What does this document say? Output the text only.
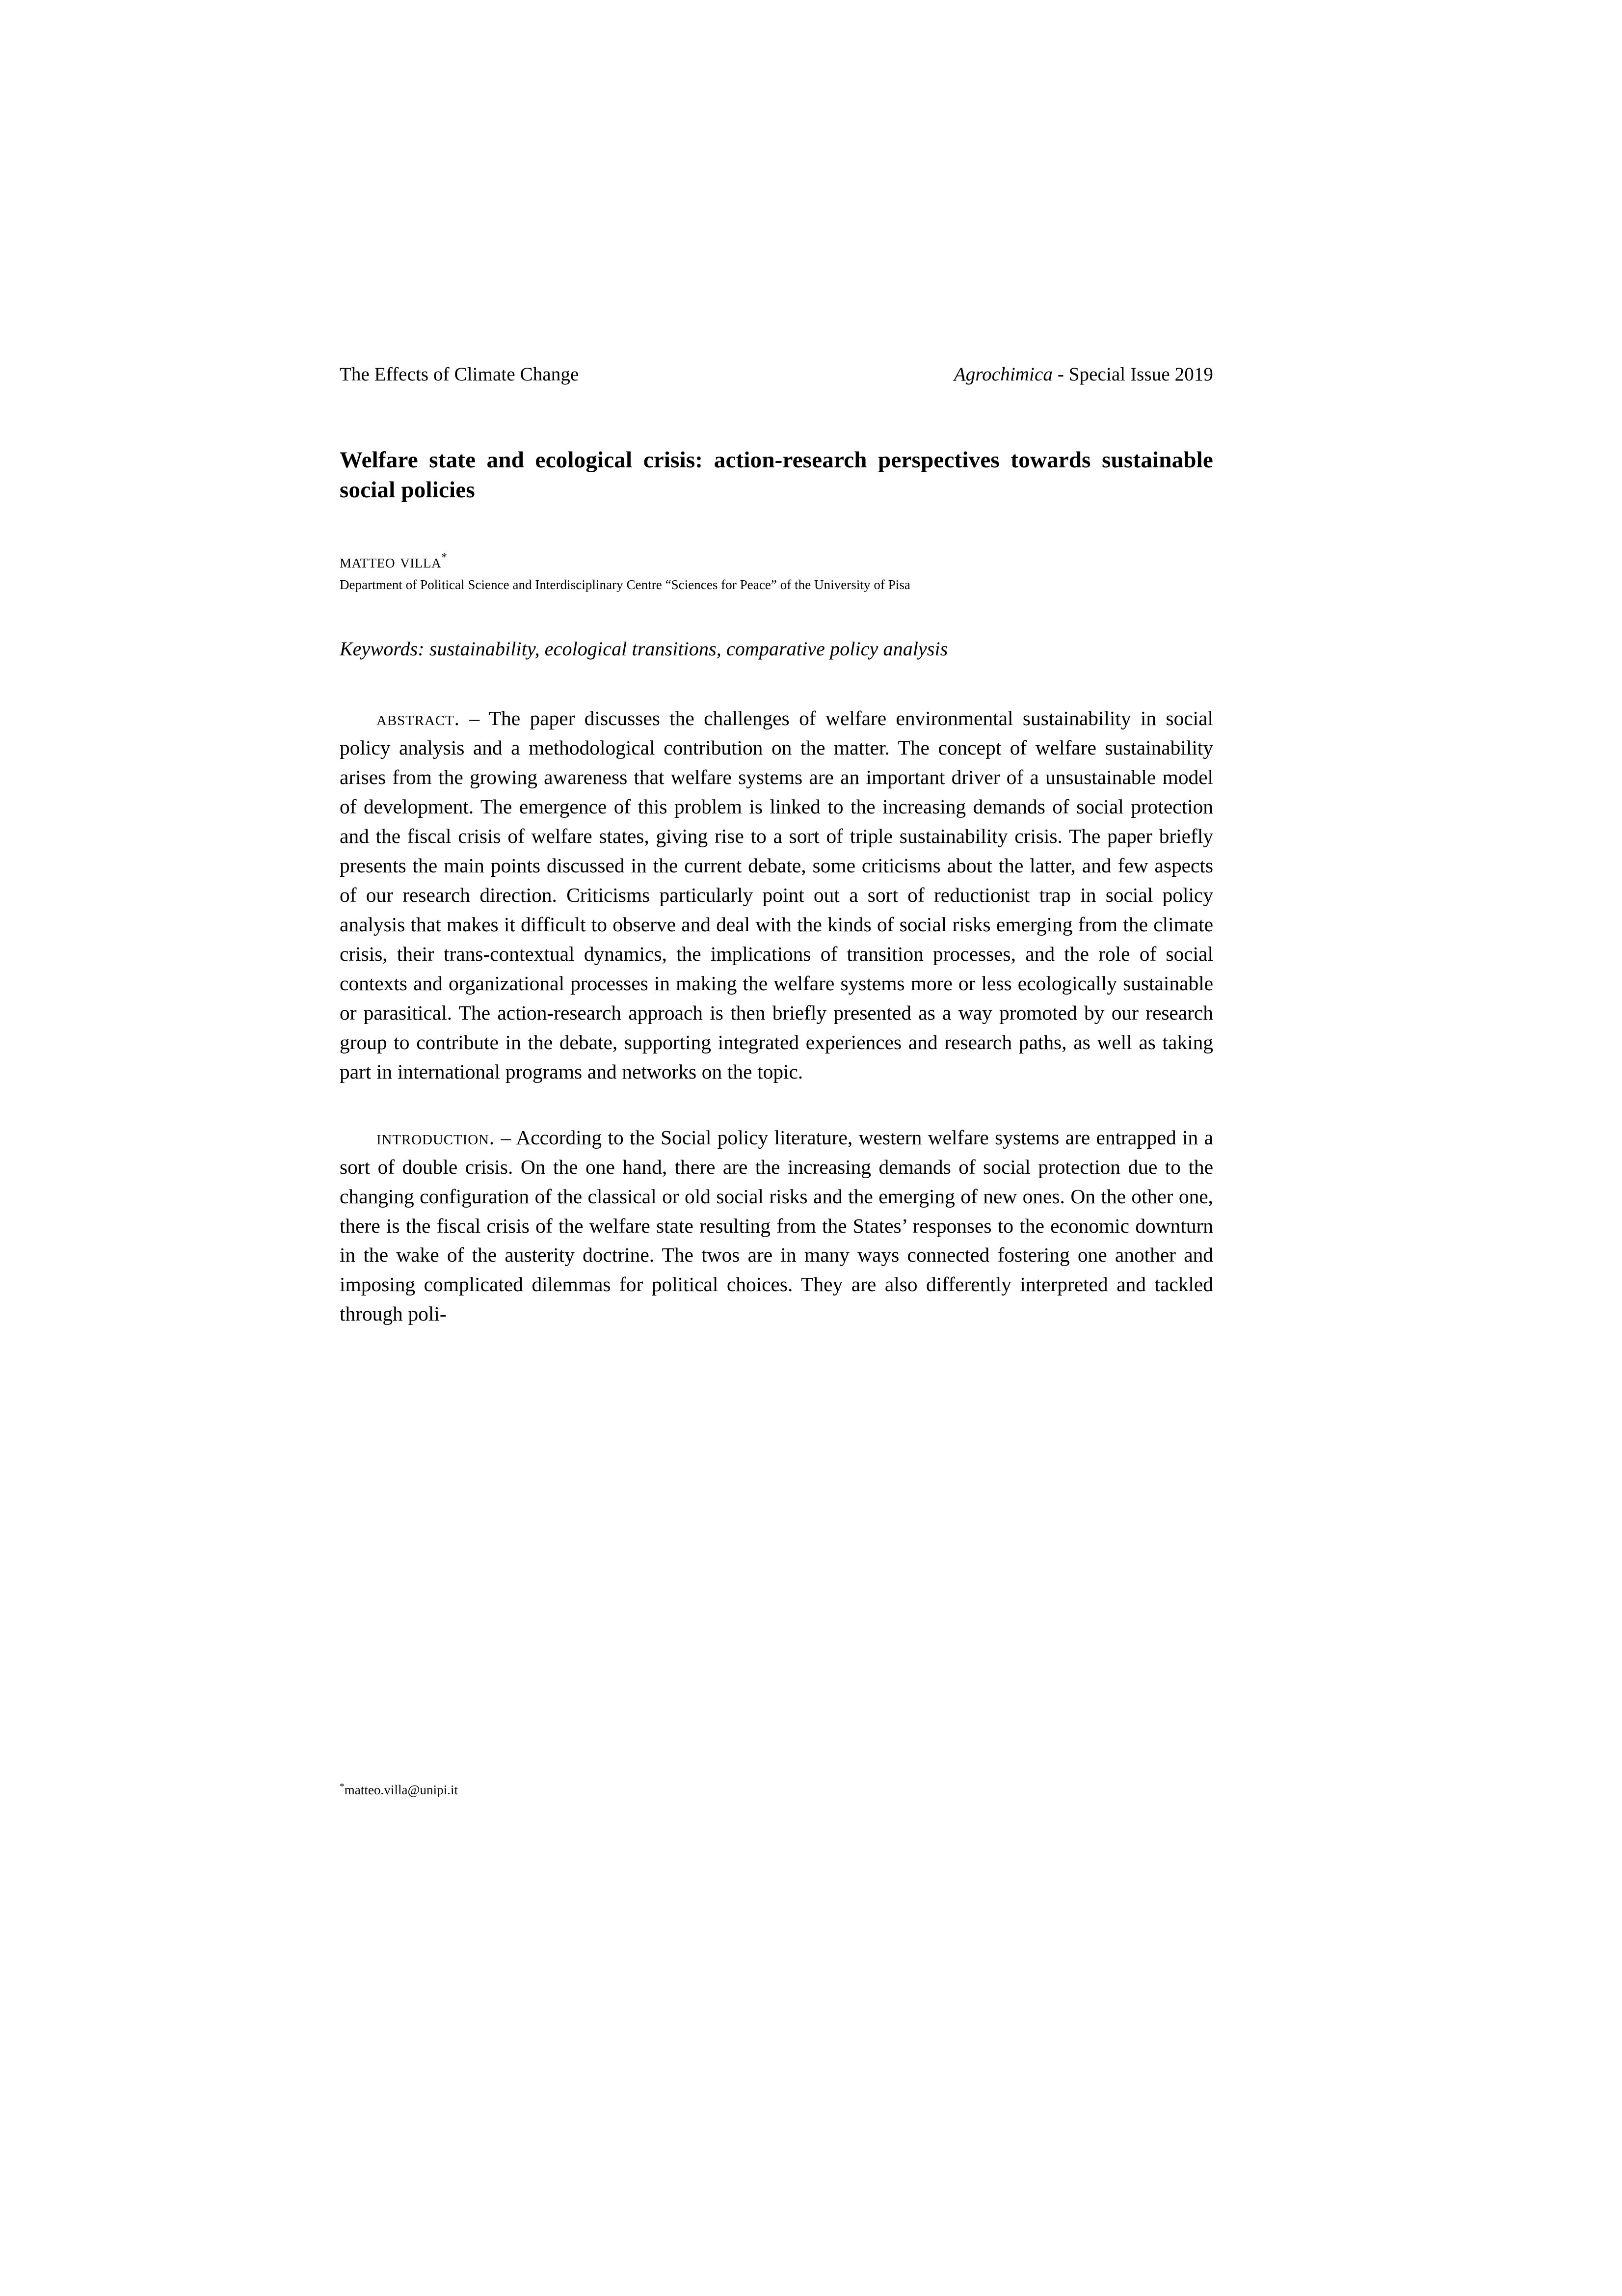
The Effects of Climate Change	Agrochimica - Special Issue 2019
Welfare state and ecological crisis: action-research perspectives towards sustainable social policies
matteo villa*
Department of Political Science and Interdisciplinary Centre “Sciences for Peace” of the University of Pisa
Keywords: sustainability, ecological transitions, comparative policy analysis

abstract. – The paper discusses the challenges of welfare environmental sustainability in social policy analysis and a methodological contribution on the matter. The concept of welfare sustainability arises from the growing awareness that welfare systems are an important driver of a unsustainable model of development. The emergence of this problem is linked to the increasing demands of social protection and the fiscal crisis of welfare states, giving rise to a sort of triple sustainability crisis. The paper briefly presents the main points discussed in the current debate, some criticisms about the latter, and few aspects of our research direction. Criticisms particularly point out a sort of reductionist trap in social policy analysis that makes it difficult to observe and deal with the kinds of social risks emerging from the climate crisis, their trans-contextual dynamics, the implications of transition processes, and the role of social contexts and organizational processes in making the welfare systems more or less ecologically sustainable or parasitical. The action-research approach is then briefly presented as a way promoted by our research group to contribute in the debate, supporting integrated experiences and research paths, as well as taking part in international programs and networks on the topic.

introduction. – According to the Social policy literature, western welfare systems are entrapped in a sort of double crisis. On the one hand, there are the increasing demands of social protection due to the changing configuration of the classical or old social risks and the emerging of new ones. On the other one, there is the fiscal crisis of the welfare state resulting from the States’ responses to the economic downturn in the wake of the austerity doctrine. The twos are in many ways connected fostering one another and imposing complicated dilemmas for political choices. They are also differently interpreted and tackled through poli-

*matteo.villa@unipi.it
